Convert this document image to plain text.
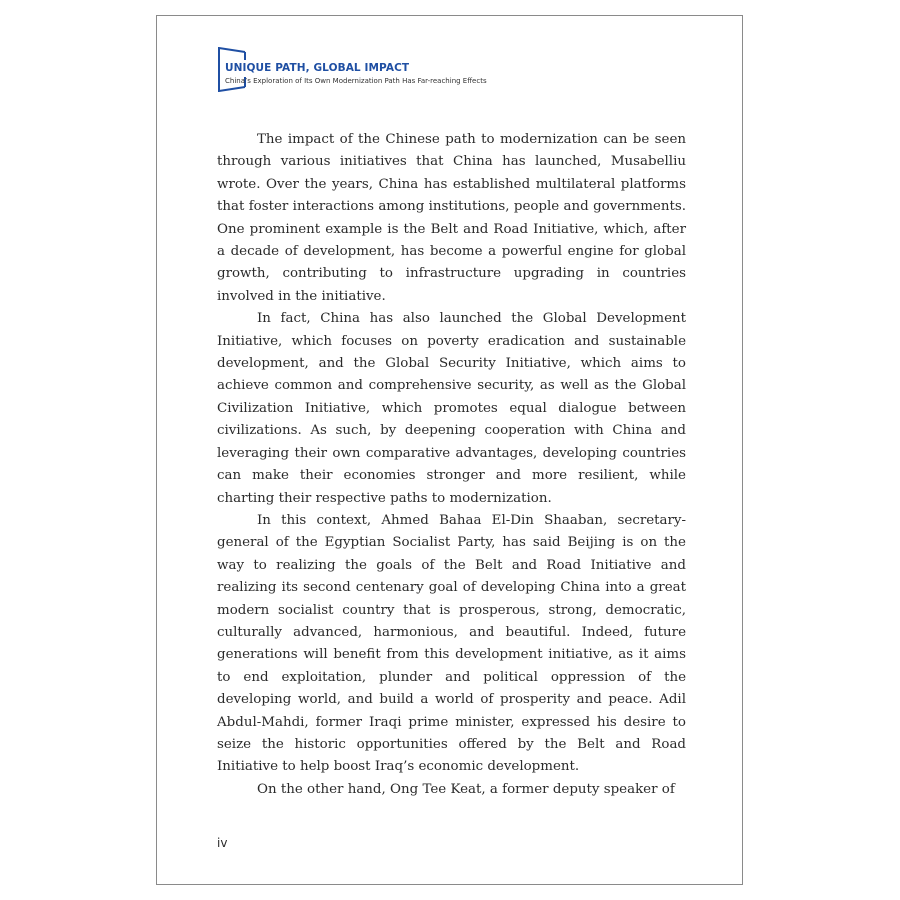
UNIQUE PATH, GLOBAL IMPACT
China’s Exploration of Its Own Modernization Path Has Far-reaching Effects

The impact of the Chinese path to modernization can be seen through various initiatives that China has launched, Musabelliu wrote. Over the years, China has established multilateral platforms that foster interactions among institutions, people and governments. One prominent example is the Belt and Road Initiative, which, after a decade of development, has become a powerful engine for global growth, contributing to infrastructure upgrading in countries involved in the initiative.

In fact, China has also launched the Global Development Initiative, which focuses on poverty eradication and sustainable development, and the Global Security Initiative, which aims to achieve common and comprehensive security, as well as the Global Civilization Initiative, which promotes equal dialogue between civilizations. As such, by deepening cooperation with China and leveraging their own comparative advantages, developing countries can make their economies stronger and more resilient, while charting their respective paths to modernization.

In this context, Ahmed Bahaa El-Din Shaaban, secretary-general of the Egyptian Socialist Party, has said Beijing is on the way to realizing the goals of the Belt and Road Initiative and realizing its second centenary goal of developing China into a great modern socialist country that is prosperous, strong, democratic, culturally advanced, harmonious, and beautiful. Indeed, future generations will benefit from this development initiative, as it aims to end exploitation, plunder and political oppression of the developing world, and build a world of prosperity and peace. Adil Abdul-Mahdi, former Iraqi prime minister, expressed his desire to seize the historic opportunities offered by the Belt and Road Initiative to help boost Iraq’s economic development.

On the other hand, Ong Tee Keat, a former deputy speaker of

iv
